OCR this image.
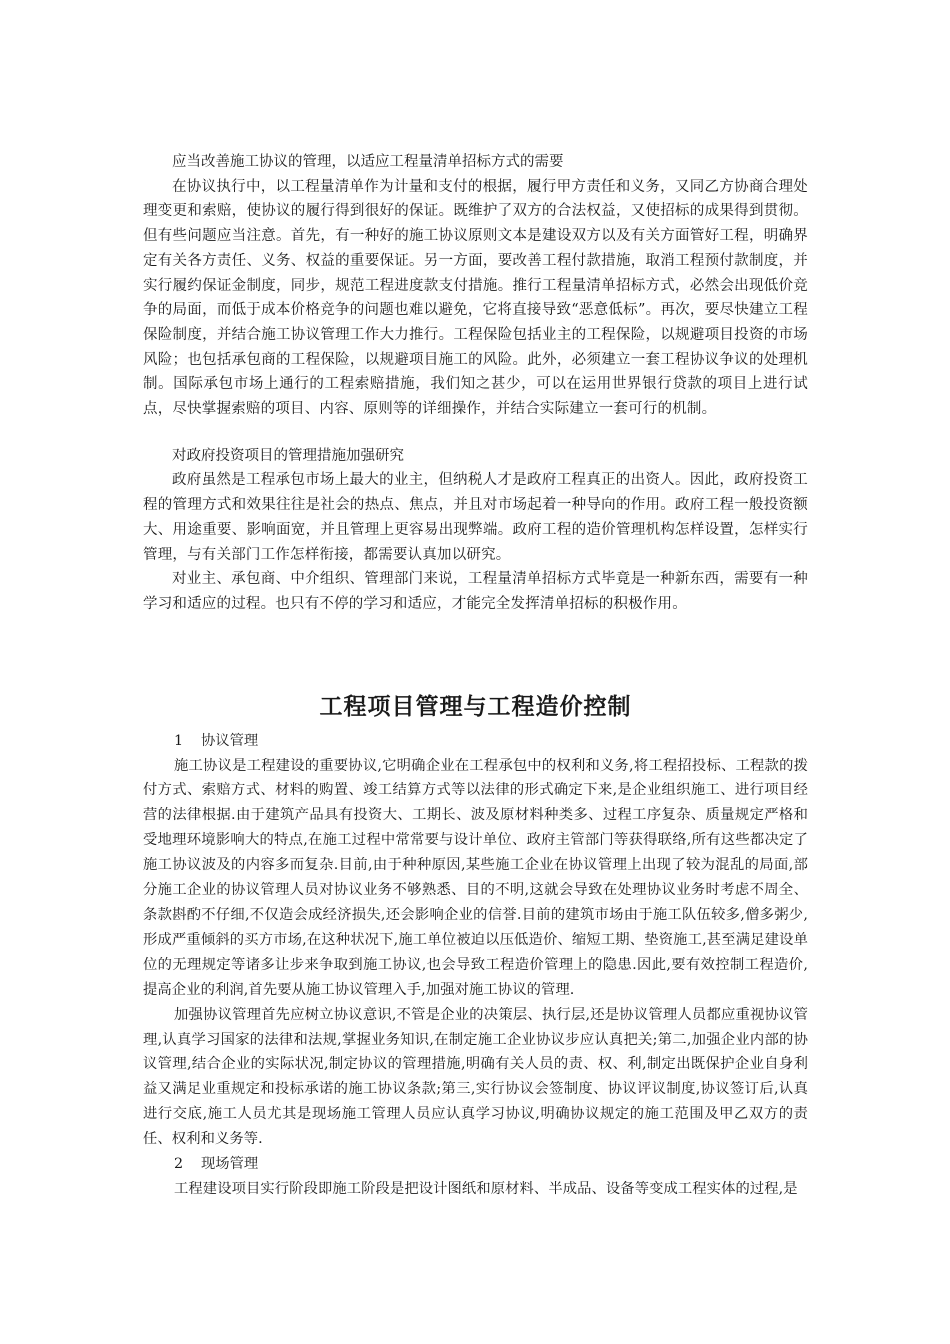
应当改善施工协议的管理，以适应工程量清单招标方式的需要

在协议执行中，以工程量清单作为计量和支付的根据，履行甲方责任和义务，又同乙方协商合理处理变更和索赔，使协议的履行得到很好的保证。既维护了双方的合法权益，又使招标的成果得到贯彻。但有些问题应当注意。首先，有一种好的施工协议原则文本是建设双方以及有关方面管好工程，明确界定有关各方责任、义务、权益的重要保证。另一方面，要改善工程付款措施，取消工程预付款制度，并实行履约保证金制度，同步，规范工程进度款支付措施。推行工程量清单招标方式，必然会出现低价竞争的局面，而低于成本价格竞争的问题也难以避免，它将直接导致“恶意低标”。再次，要尽快建立工程保险制度，并结合施工协议管理工作大力推行。工程保险包括业主的工程保险，以规避项目投资的市场风险；也包括承包商的工程保险，以规避项目施工的风险。此外，必须建立一套工程协议争议的处理机制。国际承包市场上通行的工程索赔措施，我们知之甚少，可以在运用世界银行贷款的项目上进行试点，尽快掌握索赔的项目、内容、原则等的详细操作，并结合实际建立一套可行的机制。

对政府投资项目的管理措施加强研究

政府虽然是工程承包市场上最大的业主，但纳税人才是政府工程真正的出资人。因此，政府投资工程的管理方式和效果往往是社会的热点、焦点，并且对市场起着一种导向的作用。政府工程一般投资额大、用途重要、影响面宽，并且管理上更容易出现弊端。政府工程的造价管理机构怎样设置，怎样实行管理，与有关部门工作怎样衔接，都需要认真加以研究。

对业主、承包商、中介组织、管理部门来说，工程量清单招标方式毕竟是一种新东西，需要有一种学习和适应的过程。也只有不停的学习和适应，才能完全发挥清单招标的积极作用。

工程项目管理与工程造价控制

1 协议管理

施工协议是工程建设的重要协议,它明确企业在工程承包中的权利和义务,将工程招投标、工程款的拨付方式、索赔方式、材料的购置、竣工结算方式等以法律的形式确定下来,是企业组织施工、进行项目经营的法律根据.由于建筑产品具有投资大、工期长、波及原材料种类多、过程工序复杂、质量规定严格和受地理环境影响大的特点,在施工过程中常常要与设计单位、政府主管部门等获得联络,所有这些都决定了施工协议波及的内容多而复杂.目前,由于种种原因,某些施工企业在协议管理上出现了较为混乱的局面,部分施工企业的协议管理人员对协议业务不够熟悉、目的不明,这就会导致在处理协议业务时考虑不周全、条款斟酌不仔细,不仅造会成经济损失,还会影响企业的信誉.目前的建筑市场由于施工队伍较多,僧多粥少,形成严重倾斜的买方市场,在这种状况下,施工单位被迫以压低造价、缩短工期、垫资施工,甚至满足建设单位的无理规定等诸多让步来争取到施工协议,也会导致工程造价管理上的隐患.因此,要有效控制工程造价,提高企业的利润,首先要从施工协议管理入手,加强对施工协议的管理.

加强协议管理首先应树立协议意识,不管是企业的决策层、执行层,还是协议管理人员都应重视协议管理,认真学习国家的法律和法规,掌握业务知识,在制定施工企业协议步应认真把关;第二,加强企业内部的协议管理,结合企业的实际状况,制定协议的管理措施,明确有关人员的责、权、利,制定出既保护企业自身利益又满足业重规定和投标承诺的施工协议条款;第三,实行协议会签制度、协议评议制度,协议签订后,认真进行交底,施工人员尤其是现场施工管理人员应认真学习协议,明确协议规定的施工范围及甲乙双方的责任、权利和义务等.

2 现场管理

工程建设项目实行阶段即施工阶段是把设计图纸和原材料、半成品、设备等变成工程实体的过程,是
